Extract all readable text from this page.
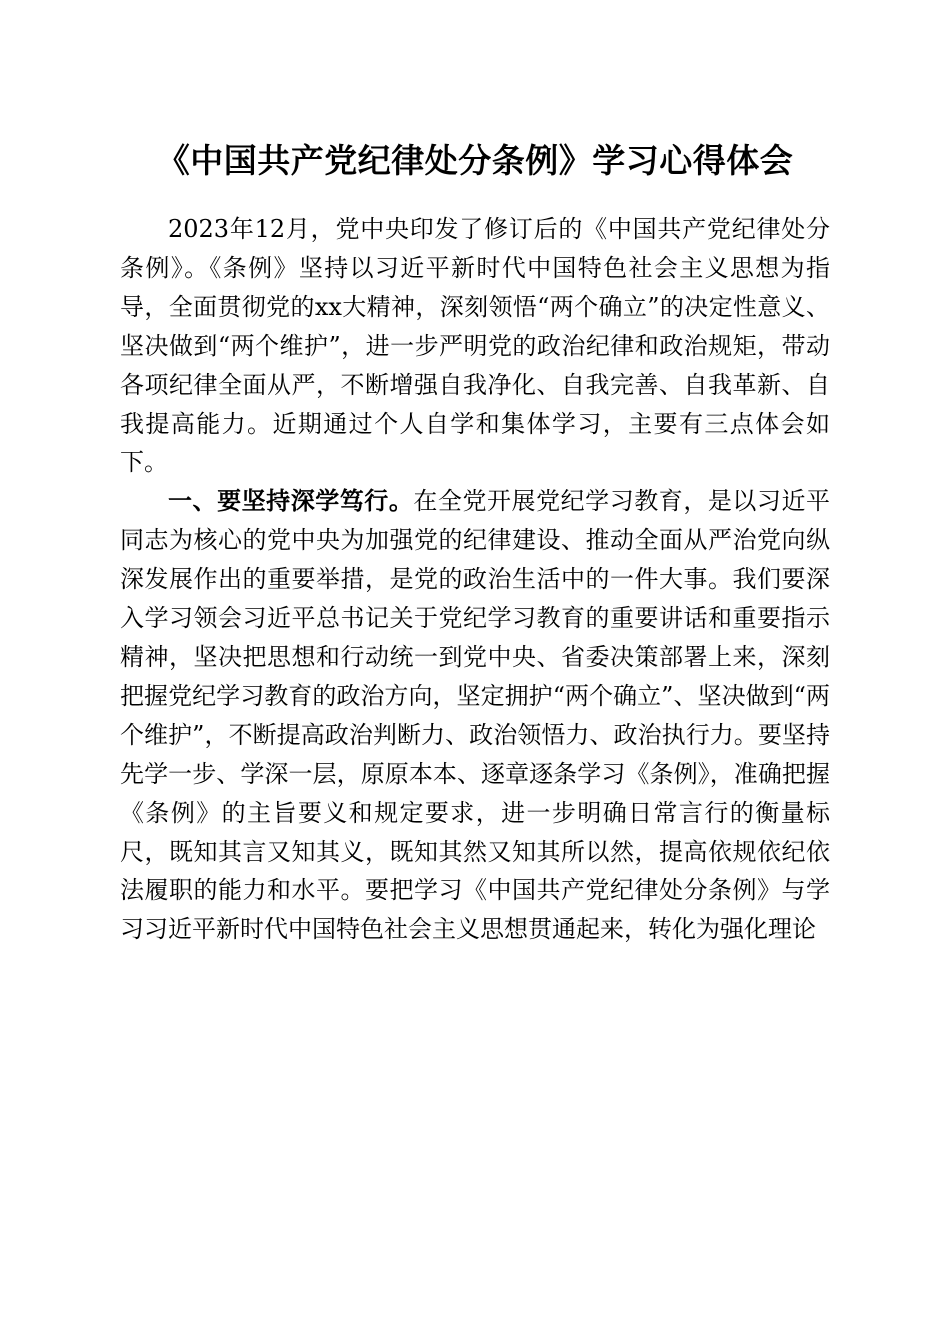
《中国共产党纪律处分条例》学习心得体会

2023年12月，党中央印发了修订后的《中国共产党纪律处分条例》。《条例》坚持以习近平新时代中国特色社会主义思想为指导，全面贯彻党的xx大精神，深刻领悟“两个确立”的决定性意义、坚决做到“两个维护”，进一步严明党的政治纪律和政治规矩，带动各项纪律全面从严，不断增强自我净化、自我完善、自我革新、自我提高能力。近期通过个人自学和集体学习，主要有三点体会如下。

一、要坚持深学笃行。在全党开展党纪学习教育，是以习近平同志为核心的党中央为加强党的纪律建设、推动全面从严治党向纵深发展作出的重要举措，是党的政治生活中的一件大事。我们要深入学习领会习近平总书记关于党纪学习教育的重要讲话和重要指示精神，坚决把思想和行动统一到党中央、省委决策部署上来，深刻把握党纪学习教育的政治方向，坚定拥护“两个确立”、坚决做到“两个维护”，不断提高政治判断力、政治领悟力、政治执行力。要坚持先学一步、学深一层，原原本本、逐章逐条学习《条例》，准确把握《条例》的主旨要义和规定要求，进一步明确日常言行的衡量标尺，既知其言又知其义，既知其然又知其所以然，提高依规依纪依法履职的能力和水平。要把学习《中国共产党纪律处分条例》与学习习近平新时代中国特色社会主义思想贯通起来，转化为强化理论
